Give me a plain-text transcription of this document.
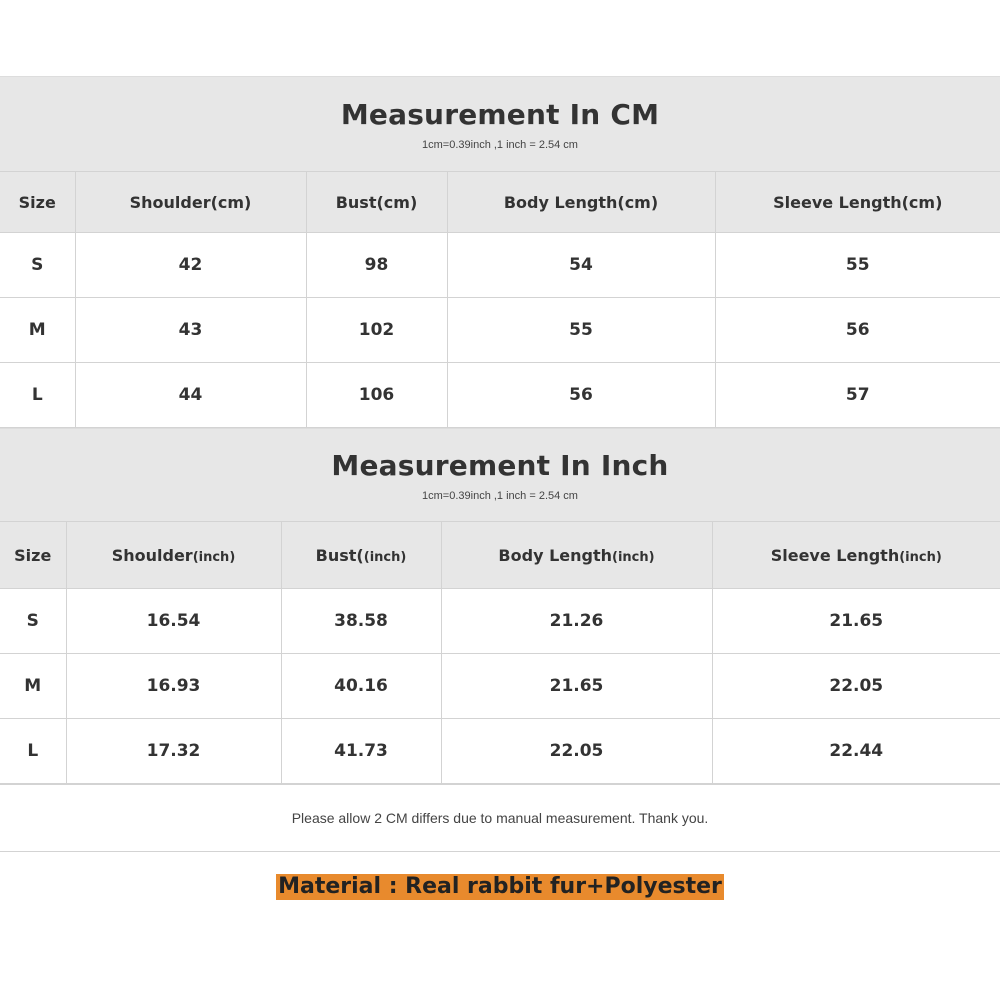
Measurement In CM
1cm=0.39inch ,1 inch = 2.54 cm
Size	Shoulder(cm)	Bust(cm)	Body Length(cm)	Sleeve Length(cm)
S	42	98	54	55
M	43	102	55	56
L	44	106	56	57
Measurement In Inch
1cm=0.39inch ,1 inch = 2.54 cm
Size	Shoulder(inch)	Bust((inch)	Body Length(inch)	Sleeve Length(inch)
S	16.54	38.58	21.26	21.65
M	16.93	40.16	21.65	22.05
L	17.32	41.73	22.05	22.44
Please allow 2 CM differs due to manual measurement. Thank you.
Material : Real rabbit fur+Polyester
